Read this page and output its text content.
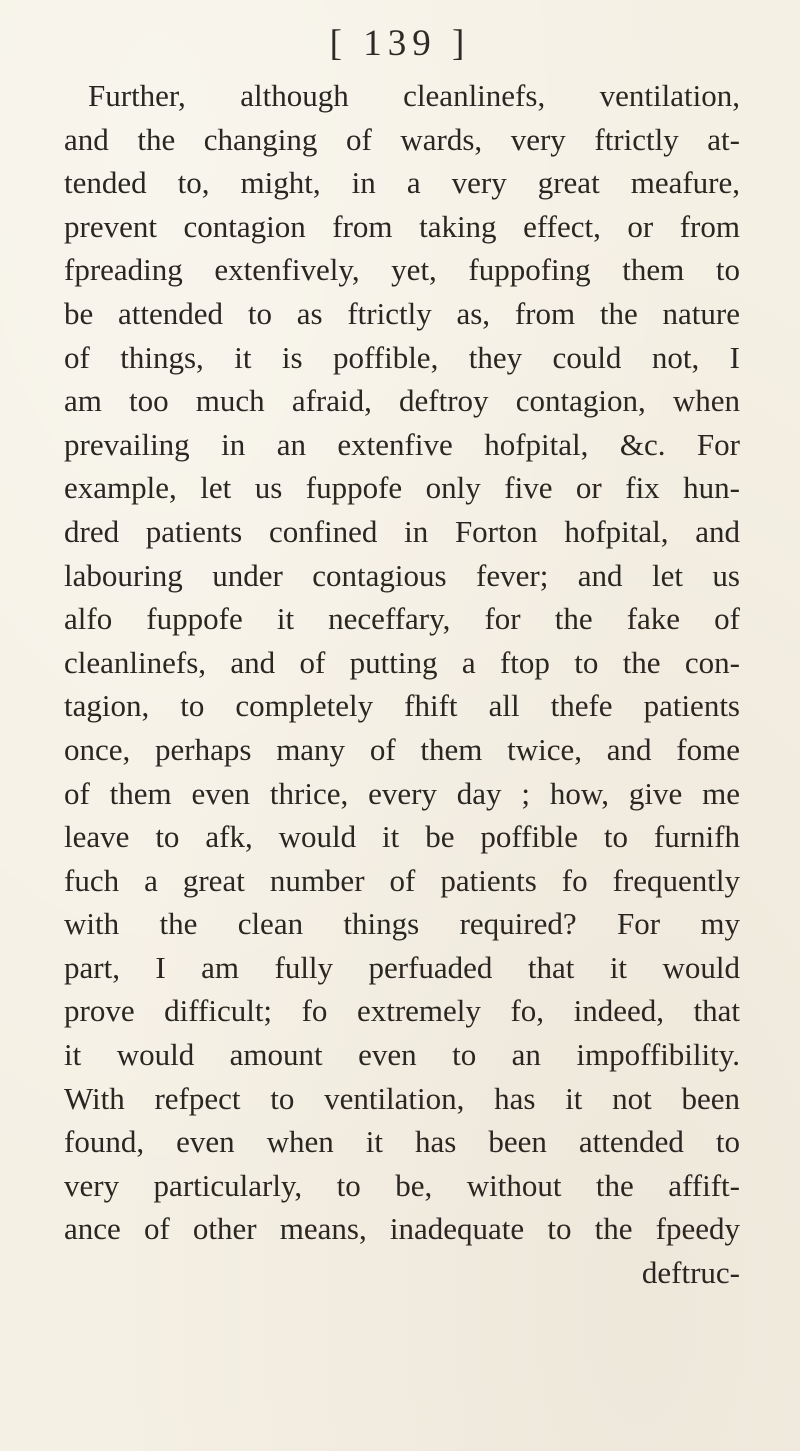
[ 139 ]
Further, although cleanlinefs, ventilation,
and the changing of wards, very ftrictly at-
tended to, might, in a very great meafure,
prevent contagion from taking effect, or from
fpreading extenfively, yet, fuppofing them to
be attended to as ftrictly as, from the nature
of things, it is poffible, they could not, I
am too much afraid, deftroy contagion, when
prevailing in an extenfive hofpital, &c. For
example, let us fuppofe only five or fix hun-
dred patients confined in Forton hofpital, and
labouring under contagious fever; and let us
alfo fuppofe it neceffary, for the fake of
cleanlinefs, and of putting a ftop to the con-
tagion, to completely fhift all thefe patients
once, perhaps many of them twice, and fome
of them even thrice, every day ; how, give me
leave to afk, would it be poffible to furnifh
fuch a great number of patients fo frequently
with the clean things required? For my
part, I am fully perfuaded that it would
prove difficult; fo extremely fo, indeed, that
it would amount even to an impoffibility.
With refpect to ventilation, has it not been
found, even when it has been attended to
very particularly, to be, without the affift-
ance of other means, inadequate to the fpeedy
deftruc-
